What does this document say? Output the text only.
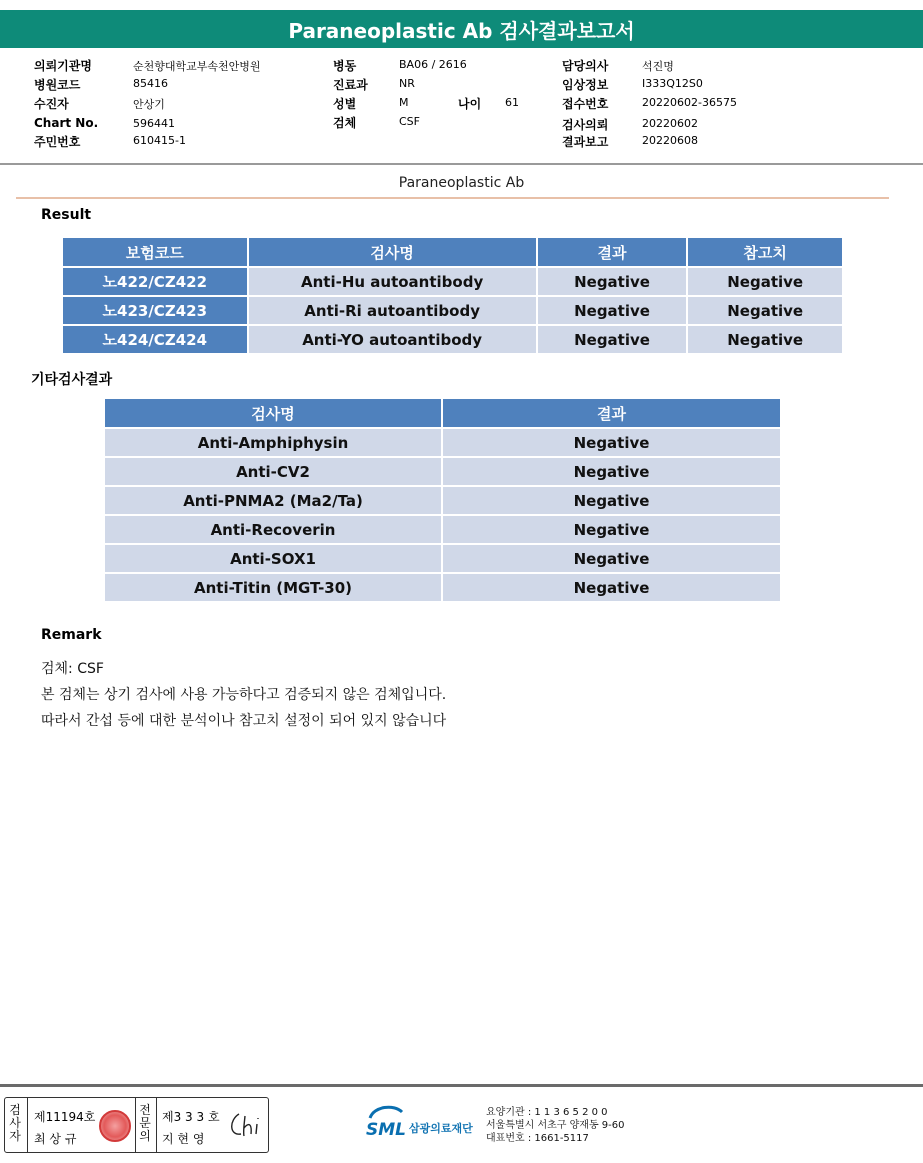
Paraneoplastic Ab 검사결과보고서
의뢰기관명	순천향대학교부속천안병원
병원코드	85416
수진자	안상기
Chart No.	596441
주민번호	610415-1
병동	BA06 / 2616
진료과	NR
성별	M
검체	CSF
나이 61
담당의사	석진명
임상정보	I333Q12S0
접수번호	20220602-36575
검사의뢰	20220602
결과보고	20220608
Paraneoplastic Ab
Result
보험코드	검사명	결과	참고치
노422/CZ422	Anti-Hu autoantibody	Negative	Negative
노423/CZ423	Anti-Ri autoantibody	Negative	Negative
노424/CZ424	Anti-YO autoantibody	Negative	Negative
기타검사결과
검사명	결과
Anti-Amphiphysin	Negative
Anti-CV2	Negative
Anti-PNMA2 (Ma2/Ta)	Negative
Anti-Recoverin	Negative
Anti-SOX1	Negative
Anti-Titin (MGT-30)	Negative
Remark
검체: CSF
본 검체는 상기 검사에 사용 가능하다고 검증되지 않은 검체입니다.
따라서 간섭 등에 대한 분석이나 참고치 설정이 되어 있지 않습니다
검사자
제11194호
최 상 규
전문의
제3 3 3 호
지 현 영	SML 삼광의료재단
요양기관 : 1 1 3 6 5 2 0 0
서울특별시 서초구 양재동 9-60
대표번호 : 1661-5117
